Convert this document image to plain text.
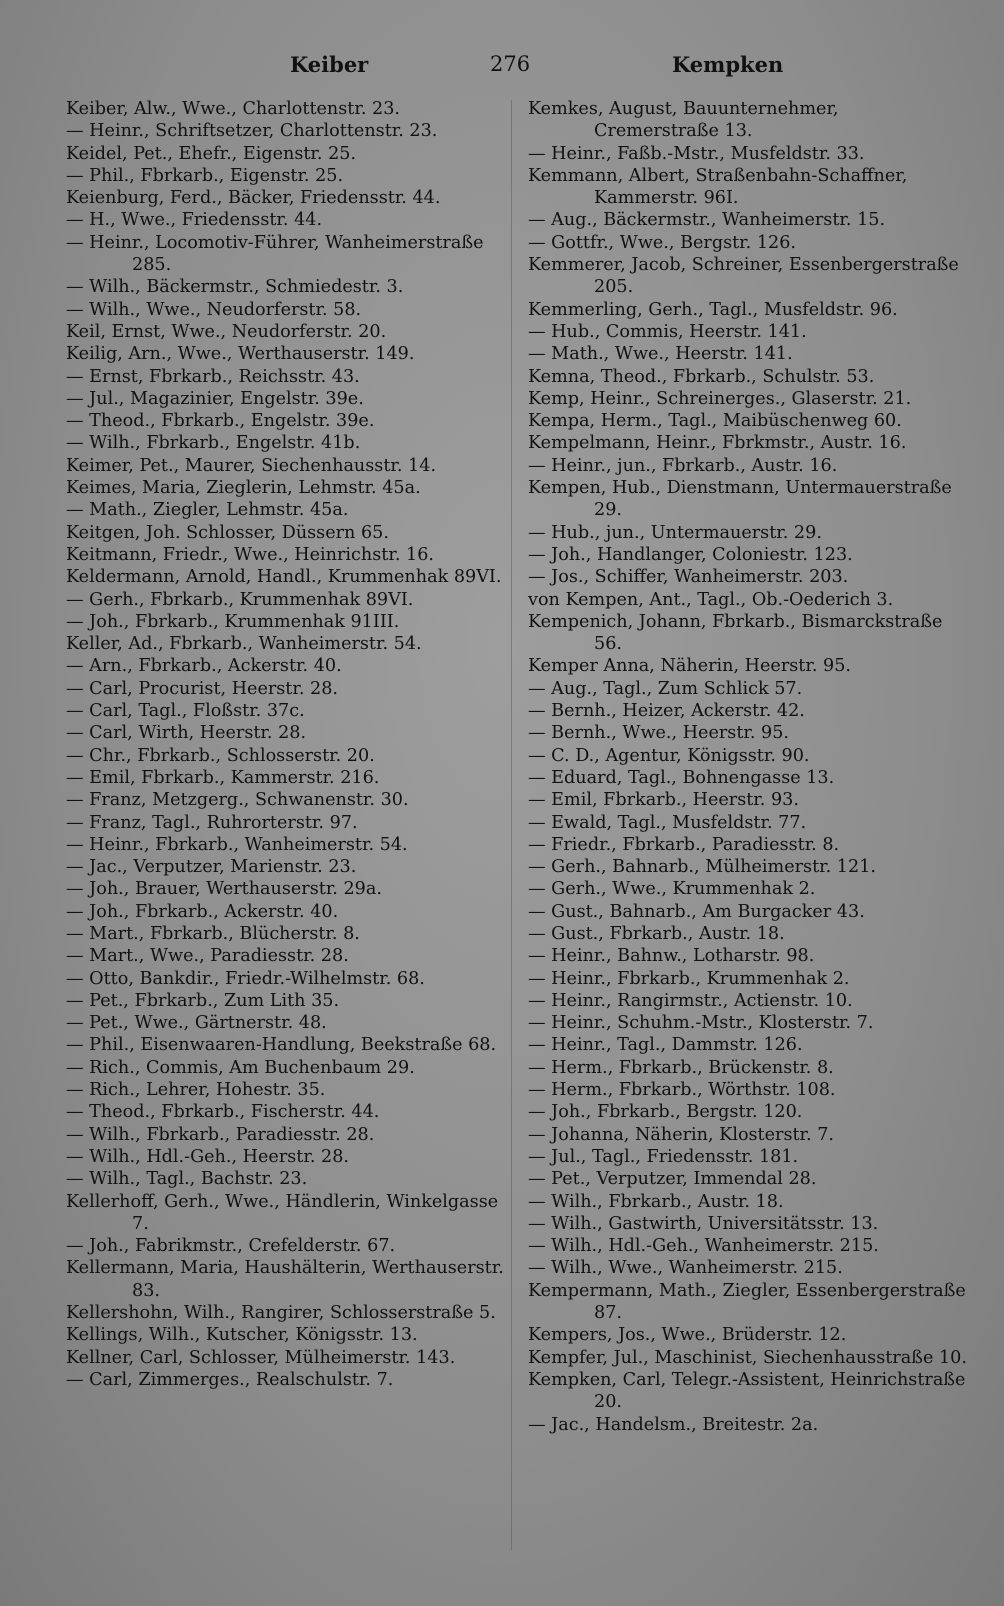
Keiber	276	Kempken
Keiber, Alw., Wwe., Charlottenstr. 23.
— Heinr., Schriftsetzer, Charlottenstr. 23.
Keidel, Pet., Ehefr., Eigenstr. 25.
— Phil., Fbrkarb., Eigenstr. 25.
Keienburg, Ferd., Bäcker, Friedensstr. 44.
— H., Wwe., Friedensstr. 44.
— Heinr., Locomotiv-Führer, Wanheimerstraße 285.
— Wilh., Bäckermstr., Schmiedestr. 3.
— Wilh., Wwe., Neudorferstr. 58.
Keil, Ernst, Wwe., Neudorferstr. 20.
Keilig, Arn., Wwe., Werthauserstr. 149.
— Ernst, Fbrkarb., Reichsstr. 43.
— Jul., Magazinier, Engelstr. 39e.
— Theod., Fbrkarb., Engelstr. 39e.
— Wilh., Fbrkarb., Engelstr. 41b.
Keimer, Pet., Maurer, Siechenhausstr. 14.
Keimes, Maria, Zieglerin, Lehmstr. 45a.
— Math., Ziegler, Lehmstr. 45a.
Keitgen, Joh. Schlosser, Düssern 65.
Keitmann, Friedr., Wwe., Heinrichstr. 16.
Keldermann, Arnold, Handl., Krummenhak 89VI.
— Gerh., Fbrkarb., Krummenhak 89VI.
— Joh., Fbrkarb., Krummenhak 91III.
Keller, Ad., Fbrkarb., Wanheimerstr. 54.
— Arn., Fbrkarb., Ackerstr. 40.
— Carl, Procurist, Heerstr. 28.
— Carl, Tagl., Floßstr. 37c.
— Carl, Wirth, Heerstr. 28.
— Chr., Fbrkarb., Schlosserstr. 20.
— Emil, Fbrkarb., Kammerstr. 216.
— Franz, Metzgerg., Schwanenstr. 30.
— Franz, Tagl., Ruhrorterstr. 97.
— Heinr., Fbrkarb., Wanheimerstr. 54.
— Jac., Verputzer, Marienstr. 23.
— Joh., Brauer, Werthauserstr. 29a.
— Joh., Fbrkarb., Ackerstr. 40.
— Mart., Fbrkarb., Blücherstr. 8.
— Mart., Wwe., Paradiesstr. 28.
— Otto, Bankdir., Friedr.-Wilhelmstr. 68.
— Pet., Fbrkarb., Zum Lith 35.
— Pet., Wwe., Gärtnerstr. 48.
— Phil., Eisenwaaren-Handlung, Beekstraße 68.
— Rich., Commis, Am Buchenbaum 29.
— Rich., Lehrer, Hohestr. 35.
— Theod., Fbrkarb., Fischerstr. 44.
— Wilh., Fbrkarb., Paradiesstr. 28.
— Wilh., Hdl.-Geh., Heerstr. 28.
— Wilh., Tagl., Bachstr. 23.
Kellerhoff, Gerh., Wwe., Händlerin, Winkelgasse 7.
— Joh., Fabrikmstr., Crefelderstr. 67.
Kellermann, Maria, Haushälterin, Werthauserstr. 83.
Kellershohn, Wilh., Rangirer, Schlosserstraße 5.
Kellings, Wilh., Kutscher, Königsstr. 13.
Kellner, Carl, Schlosser, Mülheimerstr. 143.
— Carl, Zimmerges., Realschulstr. 7.
Kemkes, August, Bauunternehmer, Cremerstraße 13.
— Heinr., Faßb.-Mstr., Musfeldstr. 33.
Kemmann, Albert, Straßenbahn-Schaffner, Kammerstr. 96I.
— Aug., Bäckermstr., Wanheimerstr. 15.
— Gottfr., Wwe., Bergstr. 126.
Kemmerer, Jacob, Schreiner, Essenbergerstraße 205.
Kemmerling, Gerh., Tagl., Musfeldstr. 96.
— Hub., Commis, Heerstr. 141.
— Math., Wwe., Heerstr. 141.
Kemna, Theod., Fbrkarb., Schulstr. 53.
Kemp, Heinr., Schreinerges., Glaserstr. 21.
Kempa, Herm., Tagl., Maibüschenweg 60.
Kempelmann, Heinr., Fbrkmstr., Austr. 16.
— Heinr., jun., Fbrkarb., Austr. 16.
Kempen, Hub., Dienstmann, Untermauerstraße 29.
— Hub., jun., Untermauerstr. 29.
— Joh., Handlanger, Coloniestr. 123.
— Jos., Schiffer, Wanheimerstr. 203.
von Kempen, Ant., Tagl., Ob.-Oederich 3.
Kempenich, Johann, Fbrkarb., Bismarckstraße 56.
Kemper Anna, Näherin, Heerstr. 95.
— Aug., Tagl., Zum Schlick 57.
— Bernh., Heizer, Ackerstr. 42.
— Bernh., Wwe., Heerstr. 95.
— C. D., Agentur, Königsstr. 90.
— Eduard, Tagl., Bohnengasse 13.
— Emil, Fbrkarb., Heerstr. 93.
— Ewald, Tagl., Musfeldstr. 77.
— Friedr., Fbrkarb., Paradiesstr. 8.
— Gerh., Bahnarb., Mülheimerstr. 121.
— Gerh., Wwe., Krummenhak 2.
— Gust., Bahnarb., Am Burgacker 43.
— Gust., Fbrkarb., Austr. 18.
— Heinr., Bahnw., Lotharstr. 98.
— Heinr., Fbrkarb., Krummenhak 2.
— Heinr., Rangirmstr., Actienstr. 10.
— Heinr., Schuhm.-Mstr., Klosterstr. 7.
— Heinr., Tagl., Dammstr. 126.
— Herm., Fbrkarb., Brückenstr. 8.
— Herm., Fbrkarb., Wörthstr. 108.
— Joh., Fbrkarb., Bergstr. 120.
— Johanna, Näherin, Klosterstr. 7.
— Jul., Tagl., Friedensstr. 181.
— Pet., Verputzer, Immendal 28.
— Wilh., Fbrkarb., Austr. 18.
— Wilh., Gastwirth, Universitätsstr. 13.
— Wilh., Hdl.-Geh., Wanheimerstr. 215.
— Wilh., Wwe., Wanheimerstr. 215.
Kempermann, Math., Ziegler, Essenbergerstraße 87.
Kempers, Jos., Wwe., Brüderstr. 12.
Kempfer, Jul., Maschinist, Siechenhausstraße 10.
Kempken, Carl, Telegr.-Assistent, Heinrichstraße 20.
— Jac., Handelsm., Breitestr. 2a.
